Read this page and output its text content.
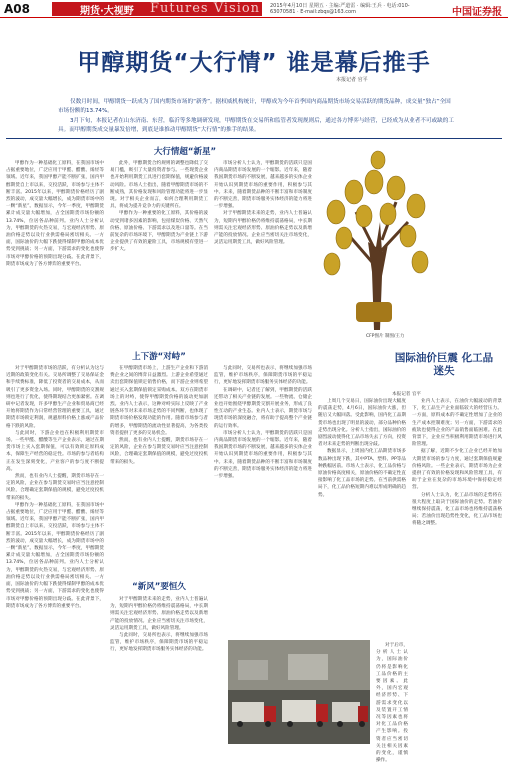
A08	期货·大视野 Futures Vision 2015年4月10日 星期五 · 主编:严道雷 · 编辑:王兵 · 电话:010-63070581 · E-mail:zbqs@163.com	中国证券报
甲醇期货“大行情” 谁是幕后推手
本报记者 官平

仅数月时间，甲醇期货一跃成为了国内期货市场的“新秀”。据权威机构统计，甲醇成为今年首季国内商品期货市场交易活跃的期货品种，成交量“独占”全国市场份额的13.74%。

3月下旬，本报记者在山东济南、东营，临沂等多地调研发现，甲醇期货在交易所和监管者发现规则后，通过各方博弈与经营，已经成为从业者不可或缺的工具。而甲醇期货成交量暴发倍增，到底是谁推动甲醇期货“大行情”的推手的结果。

大行情超“新星”

甲醇作为一种基础化工原料，在我国市场中占据重要地位，广泛应用于甲醛、醋酸、烯烃等领域。近年来，我国甲醇产能不断扩张，国内甲醇期货自上市以来，交投活跃，市场参与主体不断丰富。2015年以来，甲醇期货价格经历了剧烈的波动，成交量大幅增长，成为期货市场中的一颗“新星”。数据显示，今年一季度，甲醇期货累计成交量大幅增加，占全国期货市场份额的13.74%，位居各品种前列。业内人士分析认为，甲醇期货的火热交易，与宏观经济形势、原油价格走势以及行业供需格局密切相关。一方面，国际油价的大幅下跌使得煤制甲醇的成本优势受到挑战；另一方面，下游需求的变化也使得市场对甲醇价格的预期出现分歧。在此背景下，期货市场成为了各方博弈的重要平台。

此外，甲醇期货合约规则的调整也降低了交易门槛，吸引了大量投资者参与。一些现货企业也开始利用期货工具进行套期保值，规避价格波动风险。市场人士指出，随着甲醇期货市场的不断成熟，其价格发现和风险管理功能将进一步显现。对于相关企业而言，如何合理利用期货工具，将成为提升竞争力的关键所在。

甲醇作为一种重要的化工原料，其价格的波动受到诸多因素的影响，包括煤炭价格、天然气价格、原油价格、下游需求以及进口量等。在当前复杂的市场环境下，甲醇期货为产业链上下游企业提供了有效的避险工具，市场规模有望进一步扩大。

市场分析人士认为，甲醇期货的活跃只是国内商品期货市场发展的一个缩影。近年来，随着我国期货市场的不断发展，越来越多的实体企业开始认识到期货市场的重要作用，积极参与其中。未来，随着期货品种的不断丰富和市场制度的不断完善，期货市场服务实体经济的能力将进一步增强。

对于甲醇期货未来的走势，业内人士普遍认为，短期内甲醇价格仍将维持震荡格局，中长期则需关注宏观经济形势、原油价格走势以及新增产能的投放情况。企业应当密切关注市场变化，灵活运用期货工具，做好风险管理。

CFP图片 制图/王力
国际油价巨震 化工品迷失
本报记者 官平
上下游“对峙”

对于甲醇期货市场的活跃，有分析认为这与近期的政策变化有关。交易所调整了交易保证金和手续费标准，降低了投资者的交易成本，从而吸引了更多资金入场。同时，甲醇期货的交割规则也进行了优化，使得期现结合更加紧密。在调研中记者发现，许多甲醇生产企业和贸易商已经开始将期货作为日常经营管理的重要工具，通过期货市场锁定利润，规避原料价格上涨或产品价格下跌的风险。

与此同时，下游企业也在积极利用期货市场。一些甲醛、醋酸等生产企业表示，通过在期货市场上买入套期保值，可以有效锁定原料成本，保障生产经营的稳定性。市场的参与者结构正在发生深刻变化，产业客户的参与度不断提高。

然而，也有业内人士提醒，期货市场存在一定的风险，企业在参与期货交易时应当注意控制风险，合理确定套期保值的规模，避免过度投机带来的损失。

甲醇作为一种基础化工原料，在我国市场中占据重要地位，广泛应用于甲醛、醋酸、烯烃等领域。近年来，我国甲醇产能不断扩张，国内甲醇期货自上市以来，交投活跃，市场参与主体不断丰富。2015年以来，甲醇期货价格经历了剧烈的波动，成交量大幅增长，成为期货市场中的一颗“新星”。数据显示，今年一季度，甲醇期货累计成交量大幅增加，占全国期货市场份额的13.74%，位居各品种前列。业内人士分析认为，甲醇期货的火热交易，与宏观经济形势、原油价格走势以及行业供需格局密切相关。一方面，国际油价的大幅下跌使得煤制甲醇的成本优势受到挑战；另一方面，下游需求的变化也使得市场对甲醇价格的预期出现分歧。在此背景下，期货市场成为了各方博弈的重要平台。

在甲醇期货市场上，上游生产企业和下游消费企业之间的博弈日益激烈。上游企业希望通过卖出套期保值锁定销售价格，而下游企业则希望通过买入套期保值锁定采购成本。双方在期货市场上的对峙，使得甲醇期货价格的波动更加剧烈。业内人士表示，这种对峙实际上反映了产业链各环节对未来市场走势的不同判断，也体现了期货市场价格发现功能的作用。随着市场参与者的增多，甲醇期货的流动性显著提高，为各类投资者提供了更多的交易机会。

然而，也有业内人士提醒，期货市场存在一定的风险，企业在参与期货交易时应当注意控制风险，合理确定套期保值的规模，避免过度投机带来的损失。

与此同时，交易所也表示，将继续加强市场监管，维护市场秩序，保障期货市场的平稳运行，更好地发挥期货市场服务实体经济的功能。

在调研中，记者还了解到，甲醇期货的活跃还带动了相关产业链的发展。一些物流、仓储企业也开始围绕甲醇期货交割开展业务，形成了良性互动的产业生态。业内人士表示，期货市场与现货市场的深度融合，将有助于提高整个产业链的运行效率。

市场分析人士认为，甲醇期货的活跃只是国内商品期货市场发展的一个缩影。近年来，随着我国期货市场的不断发展，越来越多的实体企业开始认识到期货市场的重要作用，积极参与其中。未来，随着期货品种的不断丰富和市场制度的不断完善，期货市场服务实体经济的能力将进一步增强。

“新风”要恒久

对于甲醇期货未来的走势，业内人士普遍认为，短期内甲醇价格仍将维持震荡格局，中长期则需关注宏观经济形势、原油价格走势以及新增产能的投放情况。企业应当密切关注市场变化，灵活运用期货工具，做好风险管理。

与此同时，交易所也表示，将继续加强市场监管，维护市场秩序，保障期货市场的平稳运行，更好地发挥期货市场服务实体经济的功能。

上周几个交易日，国际油价出现大幅度的震荡走势，4月6日，国际油价大涨，但随后又大幅回落。受此影响，国内化工品期货市场也出现了明显的波动，部分品种价格走势出现分化。分析人士指出，国际油价的剧烈波动使得化工品市场失去了方向，投资者对未来走势的判断出现分歧。

数据显示，上周国内化工品期货市场多数品种出现下跌，其中PTA、塑料、PP等品种跌幅居前。市场人士表示，化工品价格与原油价格高度相关，原油价格的不确定性直接影响了化工品市场的走势。在当前供需格局下，化工品价格短期内难以形成明确的趋势。

业内人士表示，在油价大幅波动的背景下，化工品生产企业面临较大的经营压力。一方面，原料成本的不确定性增加了企业的生产成本控制难度；另一方面，下游需求的疲软也使得企业的产品销售面临困难。在此背景下，企业应当积极利用期货市场进行风险管理。

据了解，近期不少化工企业已经开始加大期货市场的参与力度，通过套期保值规避价格风险。一些企业表示，期货市场为企业提供了有效的价格发现和风险管理工具，有助于企业在复杂的市场环境中保持稳定经营。

分析人士认为，化工品市场的走势将在很大程度上取决于国际油价的走势。若油价继续保持震荡，化工品市场也将维持震荡格局；若油价出现趋势性变化，化工品市场也将随之调整。

对于后市，分析人士认为，国际油价仍将是影响化工品价格的主要因素。此外，国内宏观经济形势、下游需求变化以及装置开工情况等因素也将对化工品价格产生影响。投资者应当密切关注相关因素的变化，谨慎操作。
